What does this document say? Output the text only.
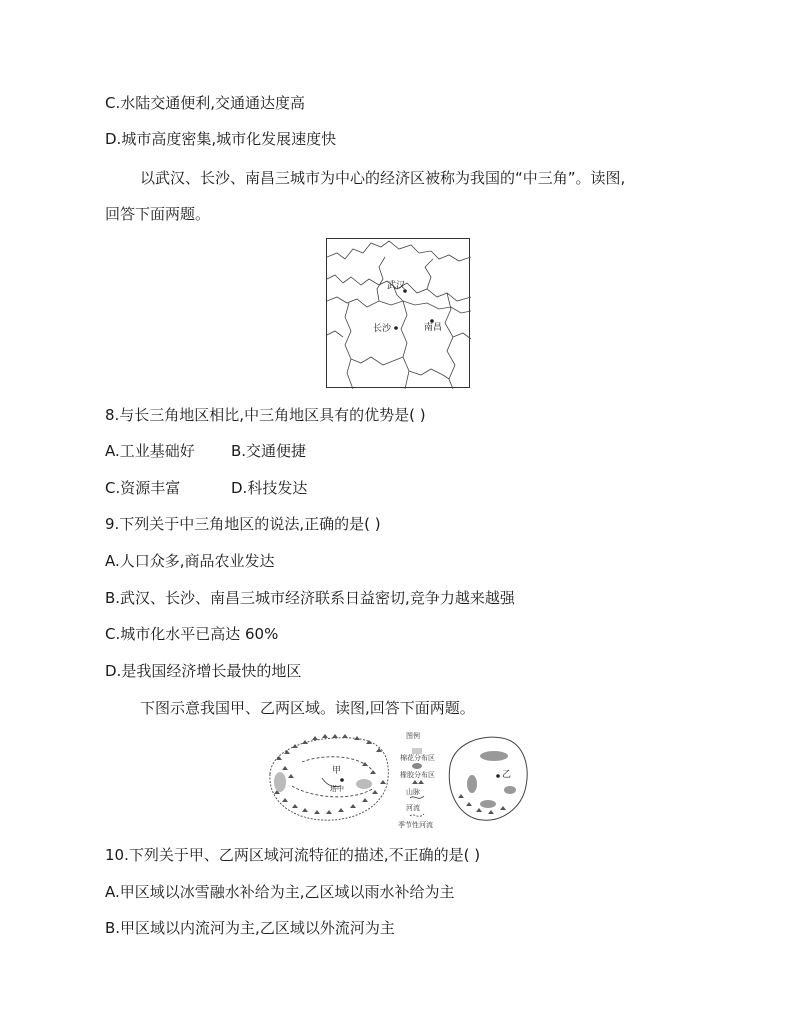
C.水陆交通便利,交通通达度高
D.城市高度密集,城市化发展速度快
以武汉、长沙、南昌三城市为中心的经济区被称为我国的“中三角”。读图,
回答下面两题。
武汉
长沙	南昌
8.与长三角地区相比,中三角地区具有的优势是( )
A.工业基础好 B.交通便捷
C.资源丰富	D.科技发达
9.下列关于中三角地区的说法,正确的是( )
A.人口众多,商品农业发达
B.武汉、长沙、南昌三城市经济联系日益密切,竞争力越来越强
C.城市化水平已高达 60%
D.是我国经济增长最快的地区
下图示意我国甲、乙两区域。读图,回答下面两题。
甲
塔中
乙
图例
棉花分布区
橡胶分布区
山脉
河流
季节性河流
10.下列关于甲、乙两区域河流特征的描述,不正确的是( )
A.甲区域以冰雪融水补给为主,乙区域以雨水补给为主
B.甲区域以内流河为主,乙区域以外流河为主
